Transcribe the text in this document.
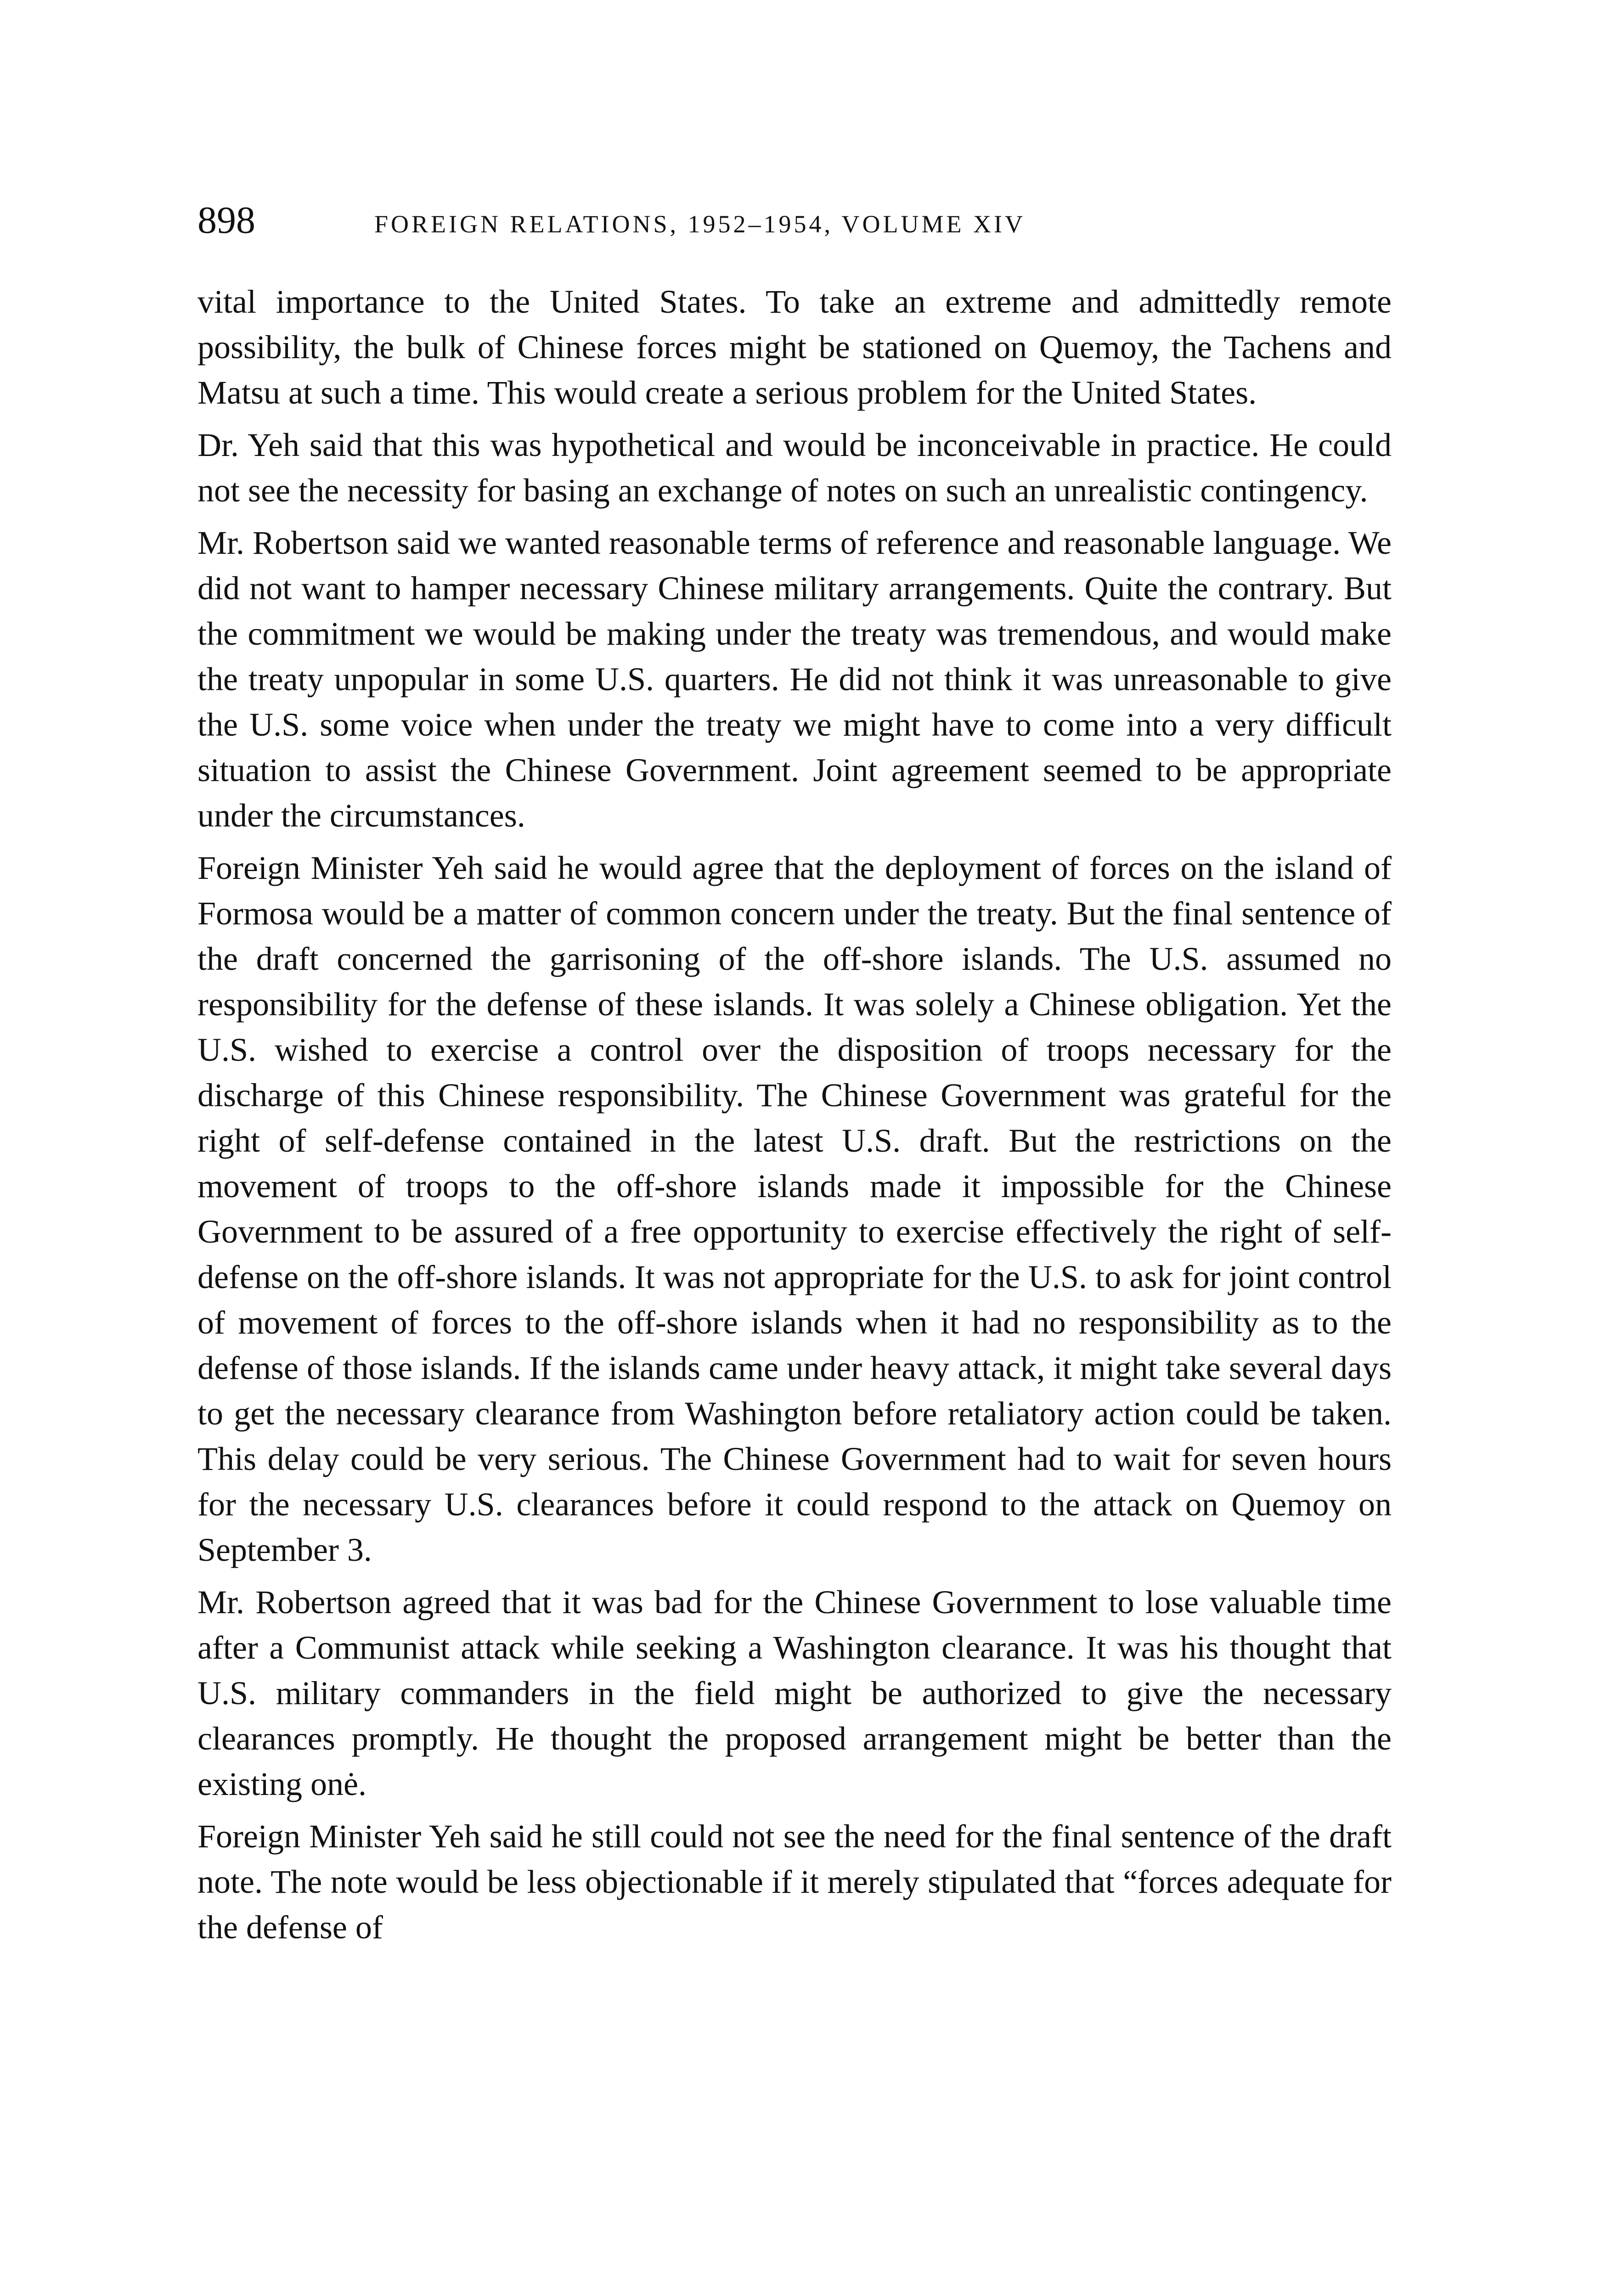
898	FOREIGN RELATIONS, 1952–1954, VOLUME XIV

vital importance to the United States. To take an extreme and admittedly remote possibility, the bulk of Chinese forces might be stationed on Quemoy, the Tachens and Matsu at such a time. This would create a serious problem for the United States.

Dr. Yeh said that this was hypothetical and would be inconceivable in practice. He could not see the necessity for basing an exchange of notes on such an unrealistic contingency.

Mr. Robertson said we wanted reasonable terms of reference and reasonable language. We did not want to hamper necessary Chinese military arrangements. Quite the contrary. But the commitment we would be making under the treaty was tremendous, and would make the treaty unpopular in some U.S. quarters. He did not think it was unreasonable to give the U.S. some voice when under the treaty we might have to come into a very difficult situation to assist the Chinese Government. Joint agreement seemed to be appropriate under the circumstances.

Foreign Minister Yeh said he would agree that the deployment of forces on the island of Formosa would be a matter of common concern under the treaty. But the final sentence of the draft concerned the garrisoning of the off-shore islands. The U.S. assumed no responsibility for the defense of these islands. It was solely a Chinese obligation. Yet the U.S. wished to exercise a control over the disposition of troops necessary for the discharge of this Chinese responsibility. The Chinese Government was grateful for the right of self-defense contained in the latest U.S. draft. But the restrictions on the movement of troops to the off-shore islands made it impossible for the Chinese Government to be assured of a free opportunity to exercise effectively the right of self-defense on the off-shore islands. It was not appropriate for the U.S. to ask for joint control of movement of forces to the off-shore islands when it had no responsibility as to the defense of those islands. If the islands came under heavy attack, it might take several days to get the necessary clearance from Washington before retaliatory action could be taken. This delay could be very serious. The Chinese Government had to wait for seven hours for the necessary U.S. clearances before it could respond to the attack on Quemoy on September 3.

Mr. Robertson agreed that it was bad for the Chinese Government to lose valuable time after a Communist attack while seeking a Washington clearance. It was his thought that U.S. military commanders in the field might be authorized to give the necessary clearances promptly. He thought the proposed arrangement might be better than the existing onė.

Foreign Minister Yeh said he still could not see the need for the final sentence of the draft note. The note would be less objectionable if it merely stipulated that “forces adequate for the defense of
